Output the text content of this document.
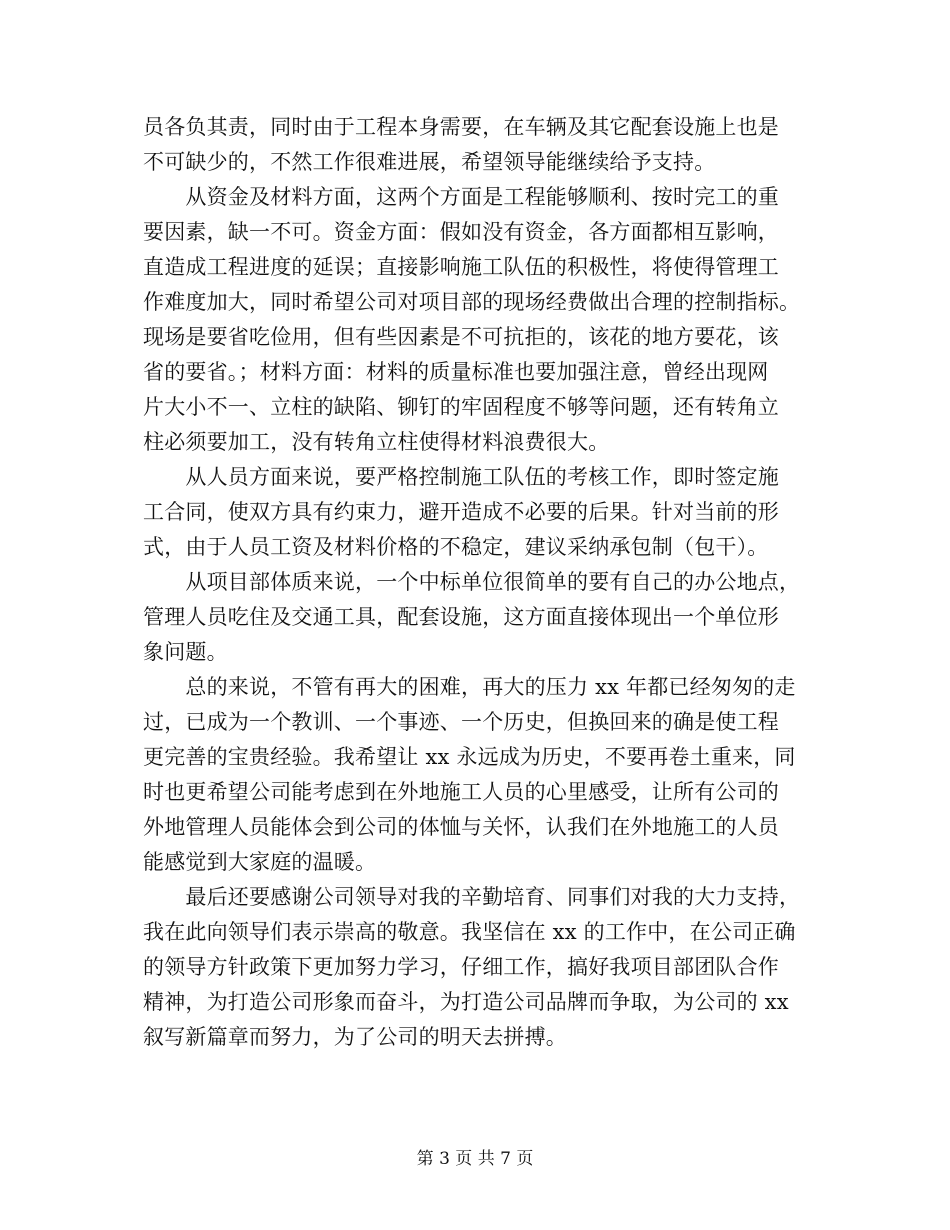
员各负其责，同时由于工程本身需要，在车辆及其它配套设施上也是
不可缺少的，不然工作很难进展，希望领导能继续给予支持。
　　从资金及材料方面，这两个方面是工程能够顺利、按时完工的重
要因素，缺一不可。资金方面：假如没有资金，各方面都相互影响，
直造成工程进度的延误；直接影响施工队伍的积极性，将使得管理工
作难度加大，同时希望公司对项目部的现场经费做出合理的控制指标。
现场是要省吃俭用，但有些因素是不可抗拒的，该花的地方要花，该
省的要省。；材料方面：材料的质量标准也要加强注意，曾经出现网
片大小不一、立柱的缺陷、铆钉的牢固程度不够等问题，还有转角立
柱必须要加工，没有转角立柱使得材料浪费很大。
　　从人员方面来说，要严格控制施工队伍的考核工作，即时签定施
工合同，使双方具有约束力，避开造成不必要的后果。针对当前的形
式，由于人员工资及材料价格的不稳定，建议采纳承包制（包干）。
　　从项目部体质来说，一个中标单位很简单的要有自己的办公地点，
管理人员吃住及交通工具，配套设施，这方面直接体现出一个单位形
象问题。
　　总的来说，不管有再大的困难，再大的压力 xx 年都已经匆匆的走
过，已成为一个教训、一个事迹、一个历史，但换回来的确是使工程
更完善的宝贵经验。我希望让 xx 永远成为历史，不要再卷土重来，同
时也更希望公司能考虑到在外地施工人员的心里感受，让所有公司的
外地管理人员能体会到公司的体恤与关怀，认我们在外地施工的人员
能感觉到大家庭的温暖。
　　最后还要感谢公司领导对我的辛勤培育、同事们对我的大力支持，
我在此向领导们表示崇高的敬意。我坚信在 xx 的工作中，在公司正确
的领导方针政策下更加努力学习，仔细工作，搞好我项目部团队合作
精神，为打造公司形象而奋斗，为打造公司品牌而争取，为公司的 xx
叙写新篇章而努力，为了公司的明天去拼搏。
第 3 页 共 7 页
